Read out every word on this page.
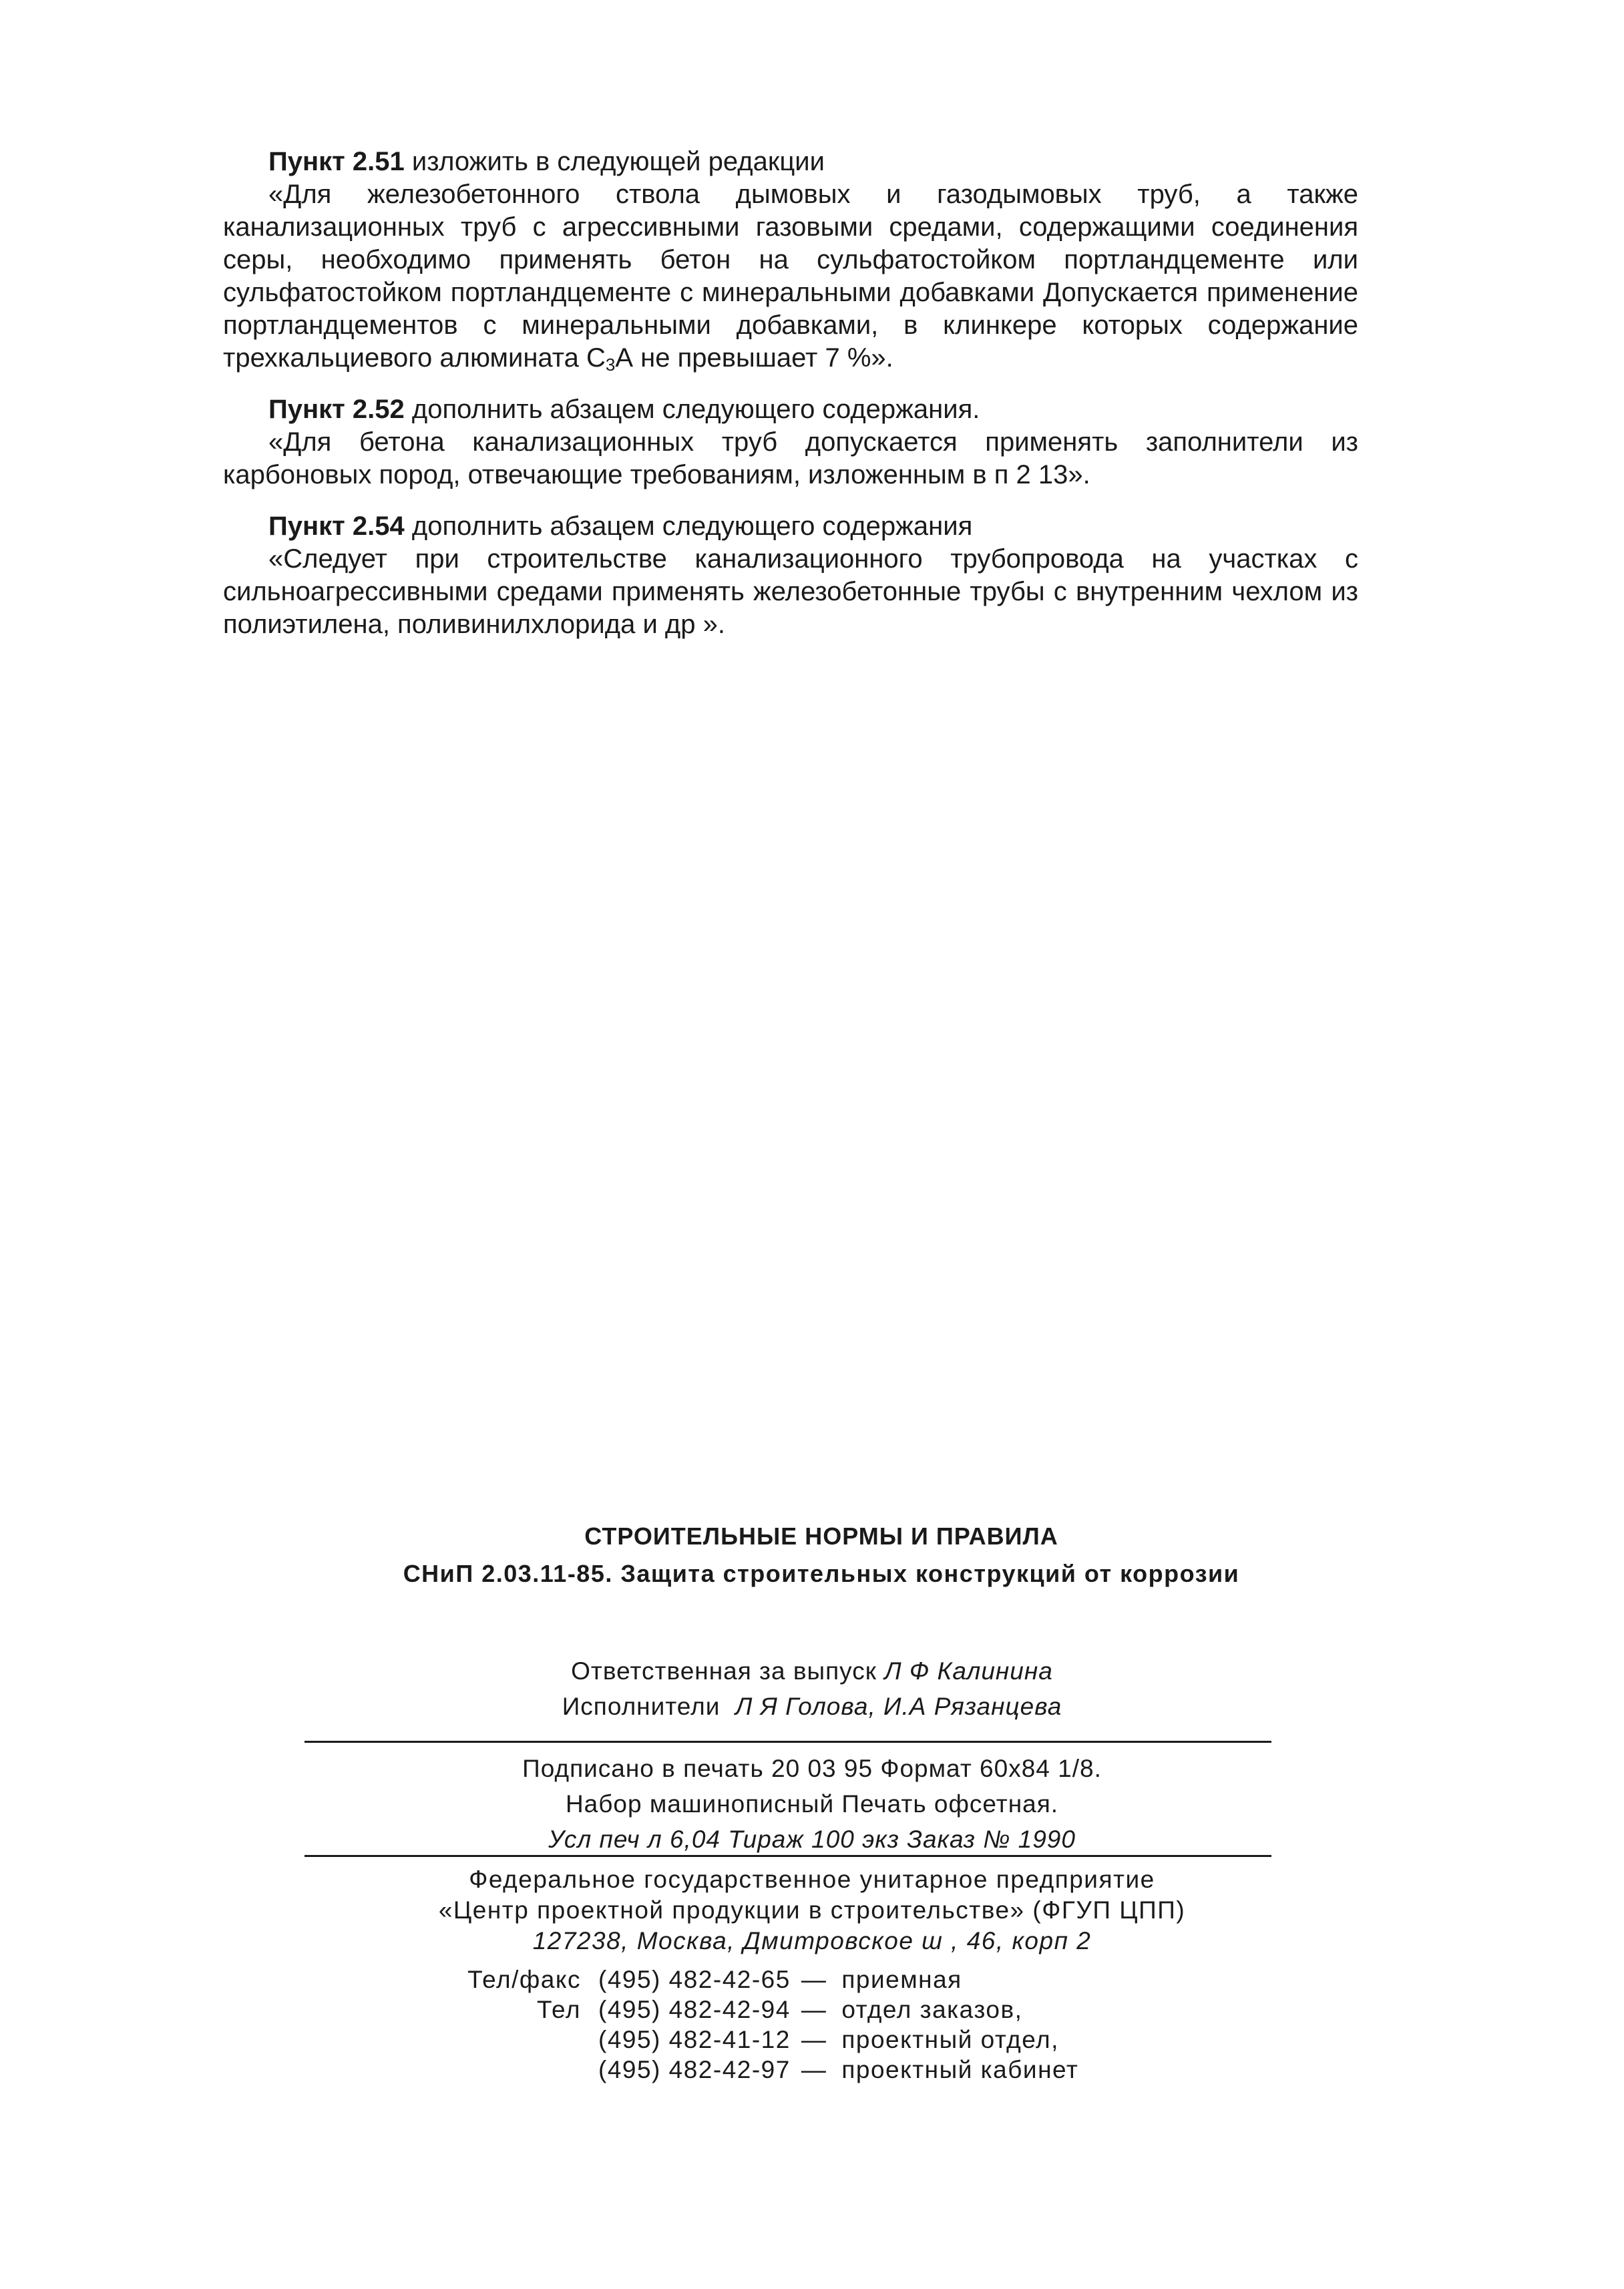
Пункт 2.51 изложить в следующей редакции

«Для железобетонного ствола дымовых и газодымовых труб, а также канализационных труб с агрессивными газовыми средами, содержащими соединения серы, необходимо применять бетон на сульфатостойком портландцементе или сульфатостойком портландцементе с минеральными добавками Допускается применение портландцементов с минеральными добавками, в клинкере которых содержание трехкальциевого алюмината $С_3А$ не превышает 7 %».

Пункт 2.52 дополнить абзацем следующего содержания.

«Для бетона канализационных труб допускается применять заполнители из карбоновых пород, отвечающие требованиям, изложенным в п 2 13».

Пункт 2.54 дополнить абзацем следующего содержания

«Следует при строительстве канализационного трубопровода на участках с сильноагрессивными средами применять железобетонные трубы с внутренним чехлом из полиэтилена, поливинилхлорида и др ».

СТРОИТЕЛЬНЫЕ НОРМЫ И ПРАВИЛА
СНиП 2.03.11-85. Защита строительных конструкций от коррозии
Ответственная за выпуск Л Ф Калинина
Исполнители Л Я Голова, И.А Рязанцева
Подписано в печать 20 03 95 Формат 60x84 1/8.
Набор машинописный Печать офсетная.
Усл печ л 6,04 Тираж 100 экз Заказ № 1990
Федеральное государственное унитарное предприятие
«Центр проектной продукции в строительстве» (ФГУП ЦПП)
127238, Москва, Дмитровское ш , 46, корп 2
Тел/факс	(495) 482-42-65	—	приемная
Тел	(495) 482-42-94	—	отдел заказов,
	(495) 482-41-12	—	проектный отдел,
	(495) 482-42-97	—	проектный кабинет
